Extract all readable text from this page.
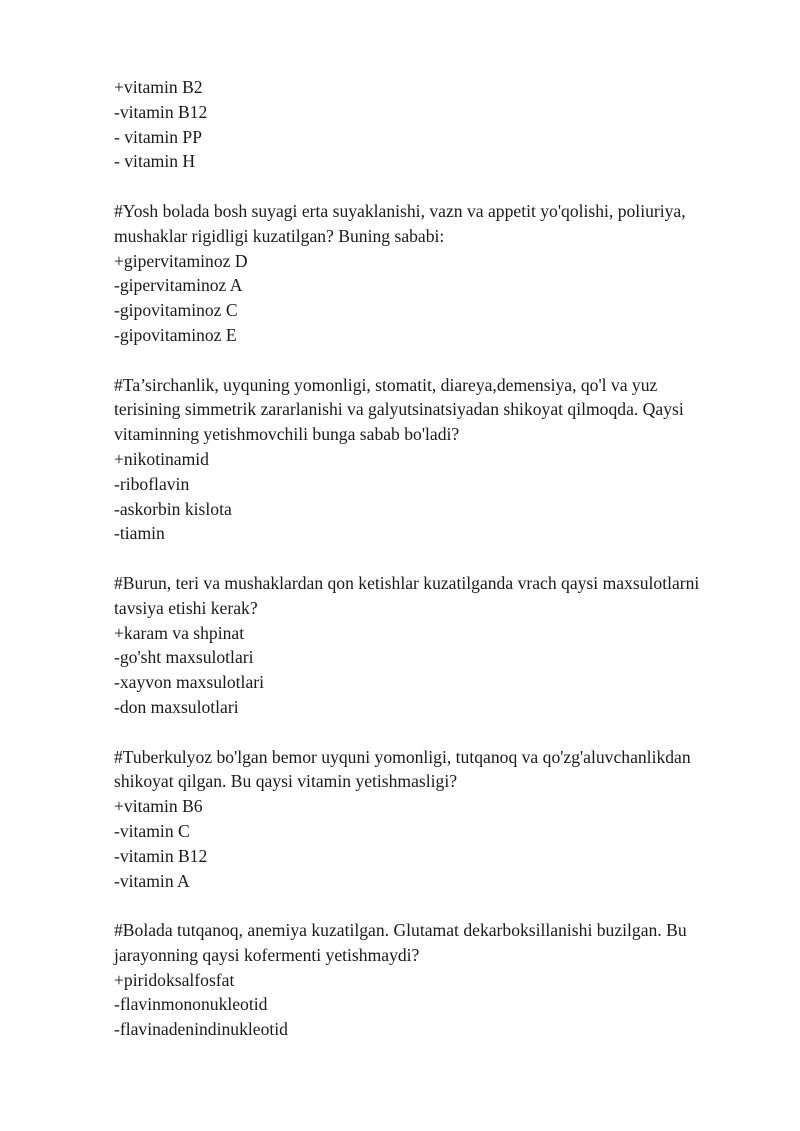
+vitamin B2
-vitamin B12
- vitamin PP
- vitamin H
#Yosh bolada bosh suyagi erta suyaklanishi, vazn va appetit yo'qolishi, poliuriya,
mushaklar rigidligi kuzatilgan? Buning sababi:
+gipervitaminoz D
-gipervitaminoz A
-gipovitaminoz C
-gipovitaminoz E
#Ta’sirchanlik, uyquning yomonligi, stomatit, diareya,demensiya, qo'l va yuz
terisining simmetrik zararlanishi va galyutsinatsiyadan shikoyat qilmoqda. Qaysi
vitaminning yetishmovchili bunga sabab bo'ladi?
+nikotinamid
-riboflavin
-askorbin kislota
-tiamin
#Burun, teri va mushaklardan qon ketishlar kuzatilganda vrach qaysi maxsulotlarni
tavsiya etishi kerak?
+karam va shpinat
-go'sht maxsulotlari
-xayvon maxsulotlari
-don maxsulotlari
#Tuberkulyoz bo'lgan bemor uyquni yomonligi, tutqanoq va qo'zg'aluvchanlikdan
shikoyat qilgan. Bu qaysi vitamin yetishmasligi?
+vitamin B6
-vitamin C
-vitamin B12
-vitamin A
#Bolada tutqanoq, anemiya kuzatilgan. Glutamat dekarboksillanishi buzilgan. Bu
jarayonning qaysi kofermenti yetishmaydi?
+piridoksalfosfat
-flavinmononukleotid
-flavinadenindinukleotid
